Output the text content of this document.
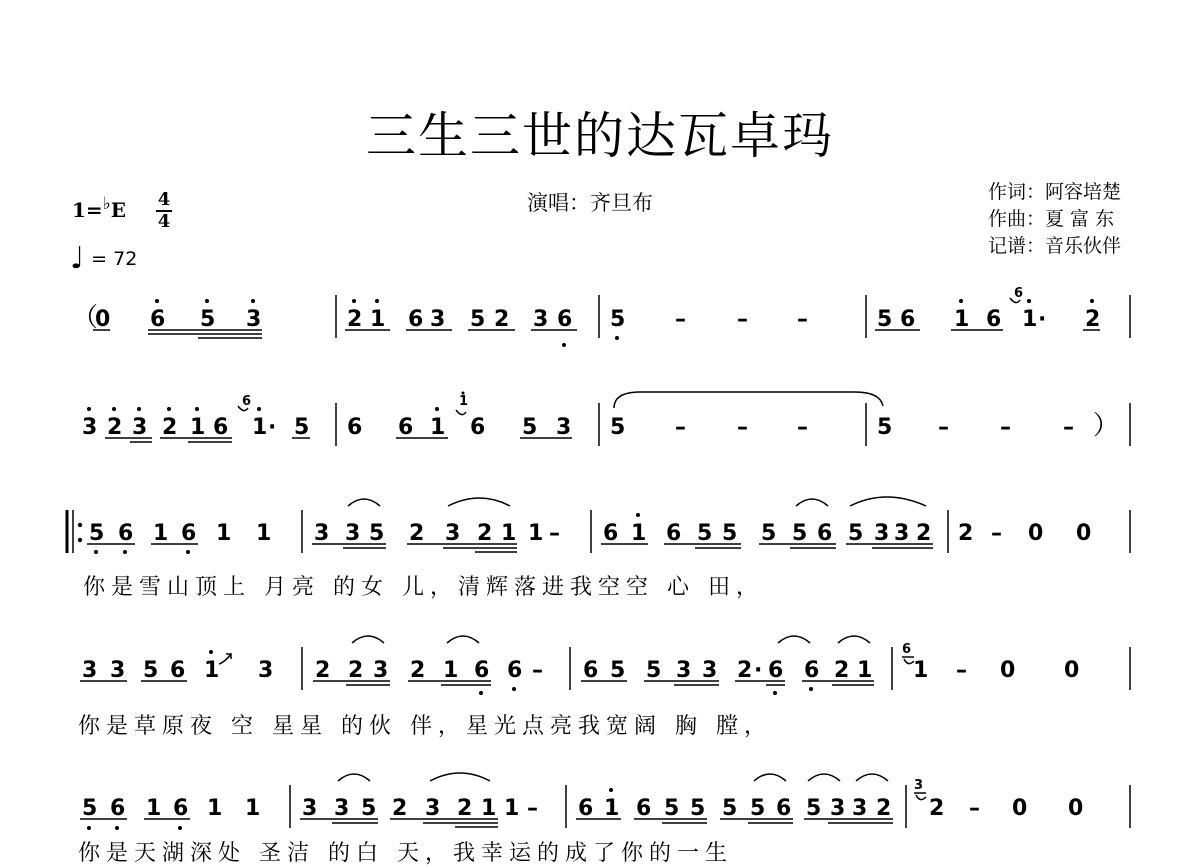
三生三世的达瓦卓玛
演唱：齐旦布	作词：阿容培楚
作曲：夏 富 东
记谱：音乐伙伴
1=♭E 4
4
♩ = 72
你是雪山顶上 月亮 的女 儿，清辉落进我空空 心 田，
你是草原夜 空 星星 的伙 伴，星光点亮我宽阔 胸 膛，
你是天湖深处 圣洁 的白 天，我幸运的成了你的一生
（
0 6 5 3	2 1 6 3 5 2 3 6 5 – – –	5 6 1 6
6
1 · 2
3 2 3 2 1 6
6
1 · 5 6 6 1
1
6 5 3 5 – – –	5 – – – ）
5 6 1 6 1 1 3 3 5 2 3 2 1 1 – 6 1 6 5 5 5 5 6 5 3 3 2 2 – 0 0
3 3 5 6 1 3 2 2 3 2 1 6 6 – 6 5 5 3 3 2 · 6 6 2 1
6
1 – 0 0
5 6 1 6 1 1 3 3 5 2 3 2 1 1 – 6 1 6 5 5 5 5 6 5 3 3 2
3
2 – 0 0
